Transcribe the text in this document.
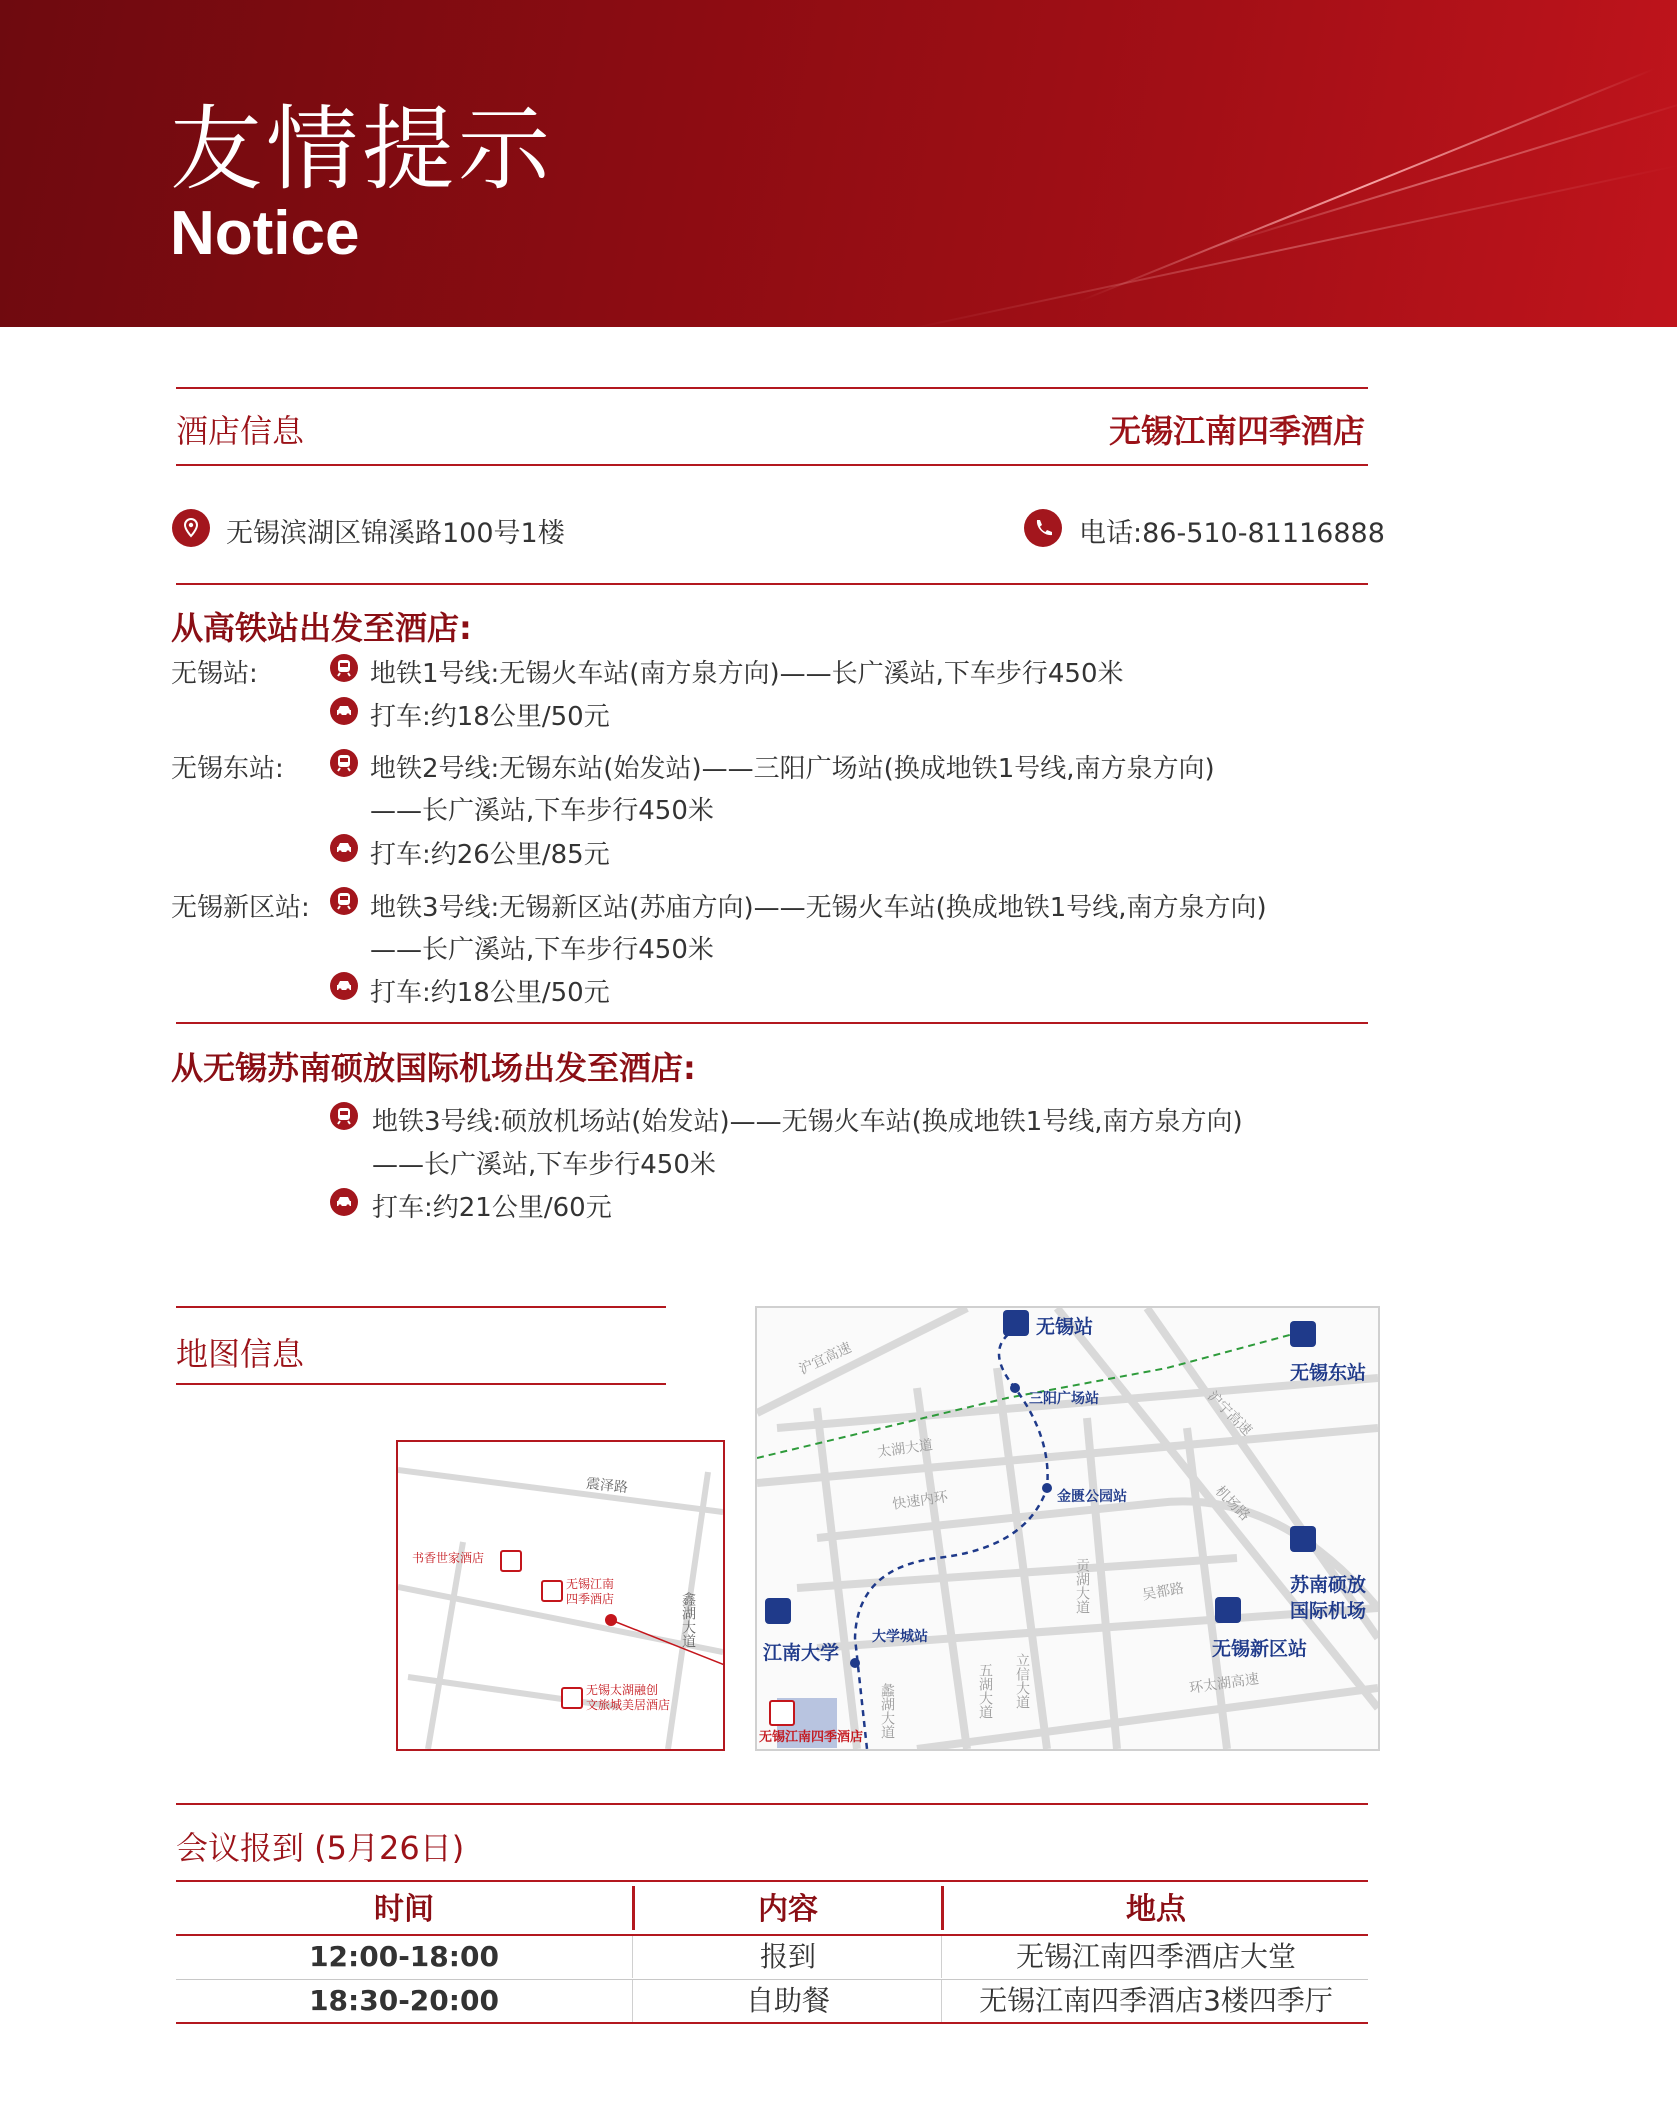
友情提示
Notice
酒店信息	无锡江南四季酒店
无锡滨湖区锦溪路100号1楼	电话:86-510-81116888
从高铁站出发至酒店:
无锡站:	地铁1号线:无锡火车站(南方泉方向)——长广溪站,下车步行450米
打车:约18公里/50元
无锡东站:	地铁2号线:无锡东站(始发站)——三阳广场站(换成地铁1号线,南方泉方向)
——长广溪站,下车步行450米
打车:约26公里/85元
无锡新区站: 地铁3号线:无锡新区站(苏庙方向)——无锡火车站(换成地铁1号线,南方泉方向)
——长广溪站,下车步行450米
打车:约18公里/50元
从无锡苏南硕放国际机场出发至酒店:
地铁3号线:硕放机场站(始发站)——无锡火车站(换成地铁1号线,南方泉方向)
——长广溪站,下车步行450米
打车:约21公里/60元
地图信息
震泽路
鑫湖大道
书香世家酒店
无锡江南
四季酒店
无锡太湖融创
文旅城美居酒店
无锡站
无锡东站
三阳广场站
金匮公园站
苏南硕放
国际机场
无锡新区站
江南大学
大学城站
无锡江南四季酒店
沪宜高速
沪宁高速
太湖大道
快速内环	机场路
吴都路
贡湖大道
五湖大道 立信大道
蠡湖大道	环太湖高速
会议报到 (5月26日)
时间	内容	地点
12:00-18:00	报到	无锡江南四季酒店大堂
18:30-20:00	自助餐	无锡江南四季酒店3楼四季厅
